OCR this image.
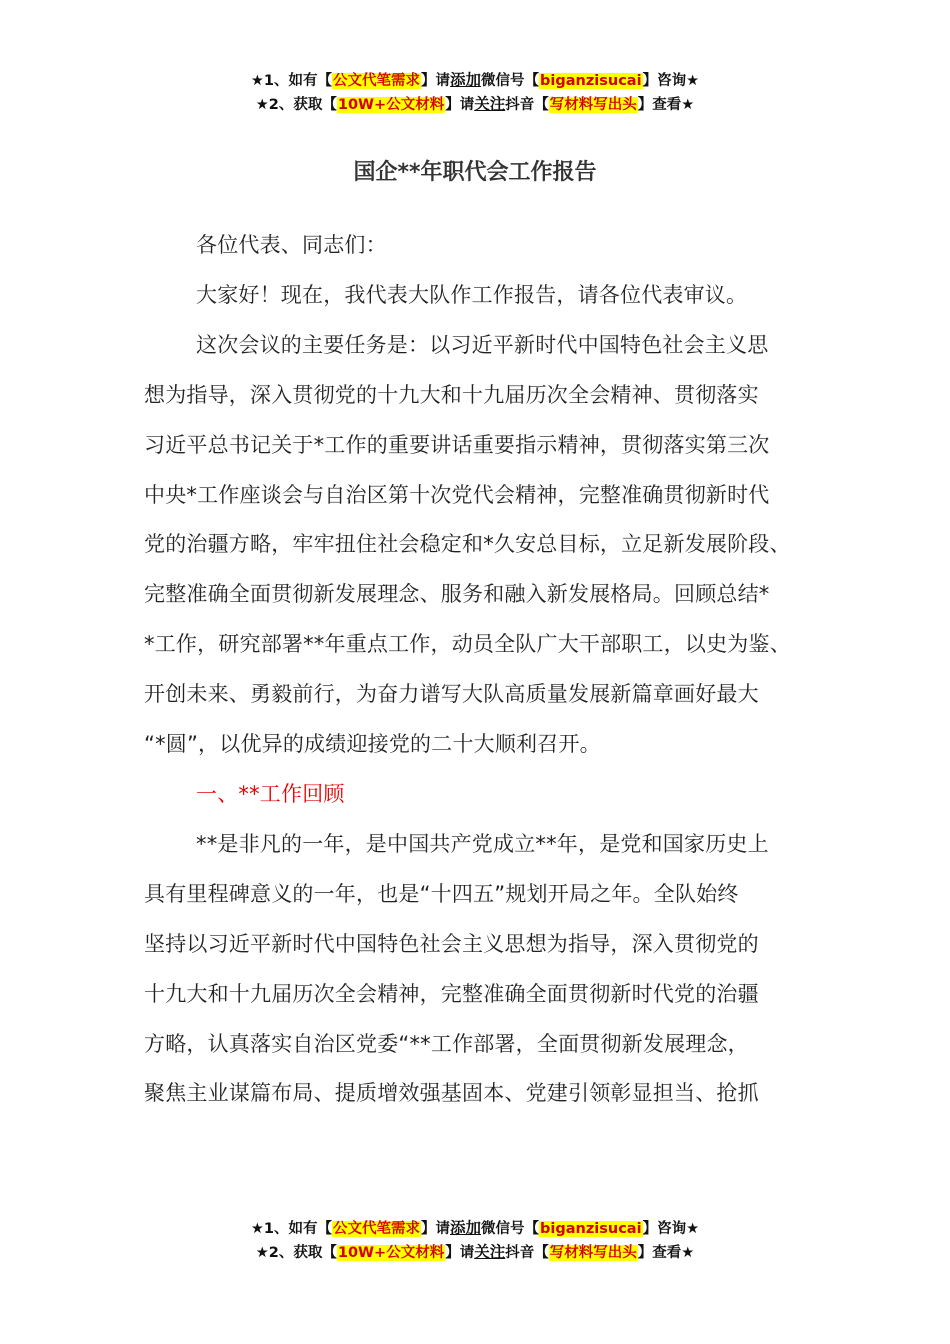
★1、如有【公文代笔需求】请添加微信号【biganzisucai】咨询★
★2、获取【10W+公文材料】请关注抖音【写材料写出头】查看★
国企**年职代会工作报告

各位代表、同志们：

大家好！现在，我代表大队作工作报告，请各位代表审议。

这次会议的主要任务是：以习近平新时代中国特色社会主义思

想为指导，深入贯彻党的十九大和十九届历次全会精神、贯彻落实

习近平总书记关于*工作的重要讲话重要指示精神，贯彻落实第三次

中央*工作座谈会与自治区第十次党代会精神，完整准确贯彻新时代

党的治疆方略，牢牢扭住社会稳定和*久安总目标，立足新发展阶段、

完整准确全面贯彻新发展理念、服务和融入新发展格局。回顾总结*

*工作，研究部署**年重点工作，动员全队广大干部职工，以史为鉴、

开创未来、勇毅前行，为奋力谱写大队高质量发展新篇章画好最大

“*圆”，以优异的成绩迎接党的二十大顺利召开。

一、**工作回顾

**是非凡的一年，是中国共产党成立**年，是党和国家历史上

具有里程碑意义的一年，也是“十四五”规划开局之年。全队始终

坚持以习近平新时代中国特色社会主义思想为指导，深入贯彻党的

十九大和十九届历次全会精神，完整准确全面贯彻新时代党的治疆

方略，认真落实自治区党委“**工作部署，全面贯彻新发展理念，

聚焦主业谋篇布局、提质增效强基固本、党建引领彰显担当、抢抓

★1、如有【公文代笔需求】请添加微信号【biganzisucai】咨询★
★2、获取【10W+公文材料】请关注抖音【写材料写出头】查看★
